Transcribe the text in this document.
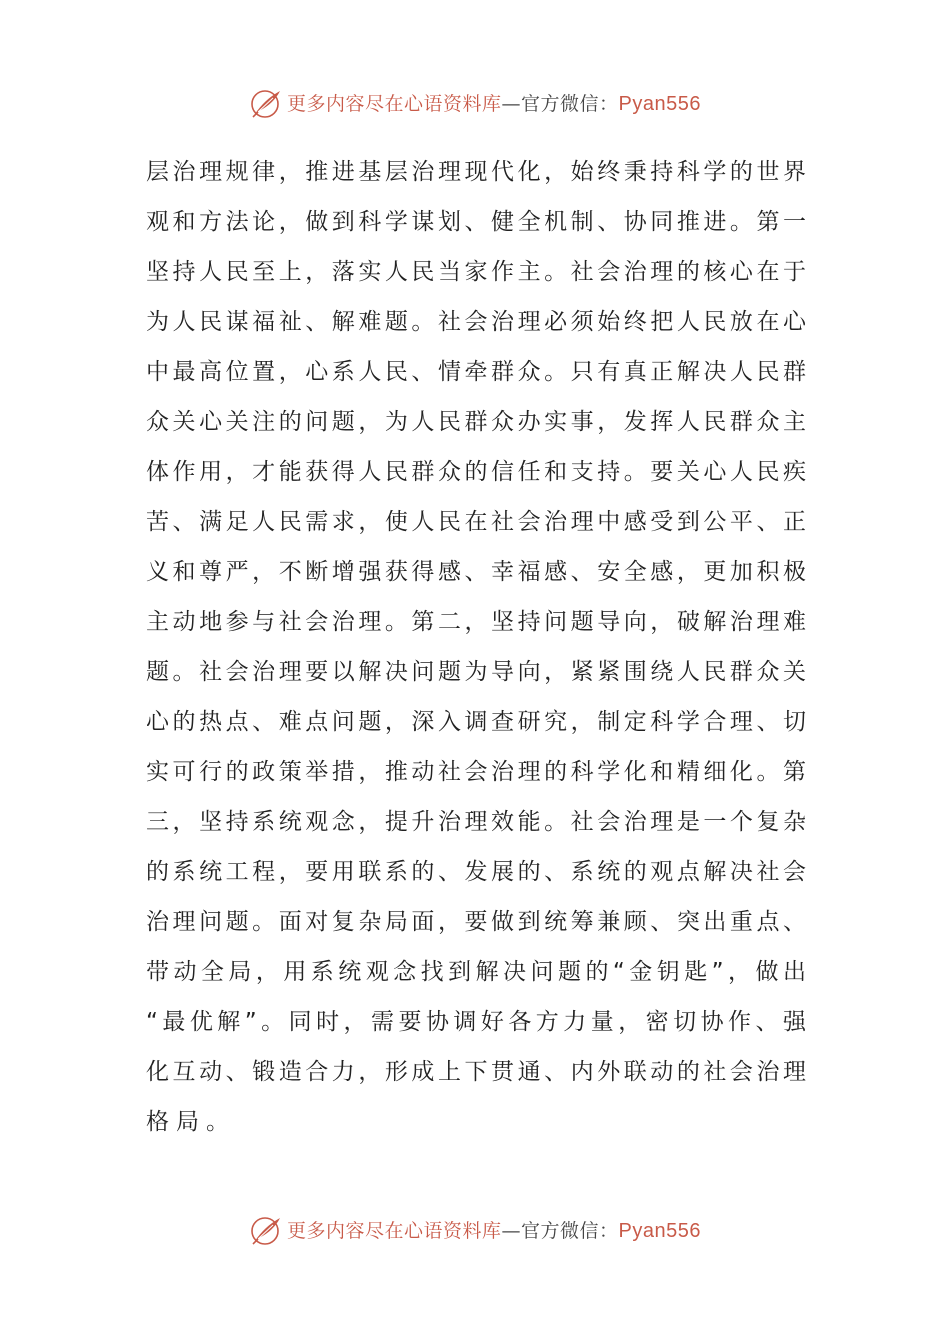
更多内容尽在心语资料库—官方微信：Pyan556
层治理规律，推进基层治理现代化，始终秉持科学的世界
观和方法论，做到科学谋划、健全机制、协同推进。第一
坚持人民至上，落实人民当家作主。社会治理的核心在于
为人民谋福祉、解难题。社会治理必须始终把人民放在心
中最高位置，心系人民、情牵群众。只有真正解决人民群
众关心关注的问题，为人民群众办实事，发挥人民群众主
体作用，才能获得人民群众的信任和支持。要关心人民疾
苦、满足人民需求，使人民在社会治理中感受到公平、正
义和尊严，不断增强获得感、幸福感、安全感，更加积极
主动地参与社会治理。第二，坚持问题导向，破解治理难
题。社会治理要以解决问题为导向，紧紧围绕人民群众关
心的热点、难点问题，深入调查研究，制定科学合理、切
实可行的政策举措，推动社会治理的科学化和精细化。第
三，坚持系统观念，提升治理效能。社会治理是一个复杂
的系统工程，要用联系的、发展的、系统的观点解决社会
治理问题。面对复杂局面，要做到统筹兼顾、突出重点、
带动全局，用系统观念找到解决问题的“金钥匙”，做出
“最优解”。同时，需要协调好各方力量，密切协作、强
化互动、锻造合力，形成上下贯通、内外联动的社会治理
格局。
更多内容尽在心语资料库—官方微信：Pyan556
